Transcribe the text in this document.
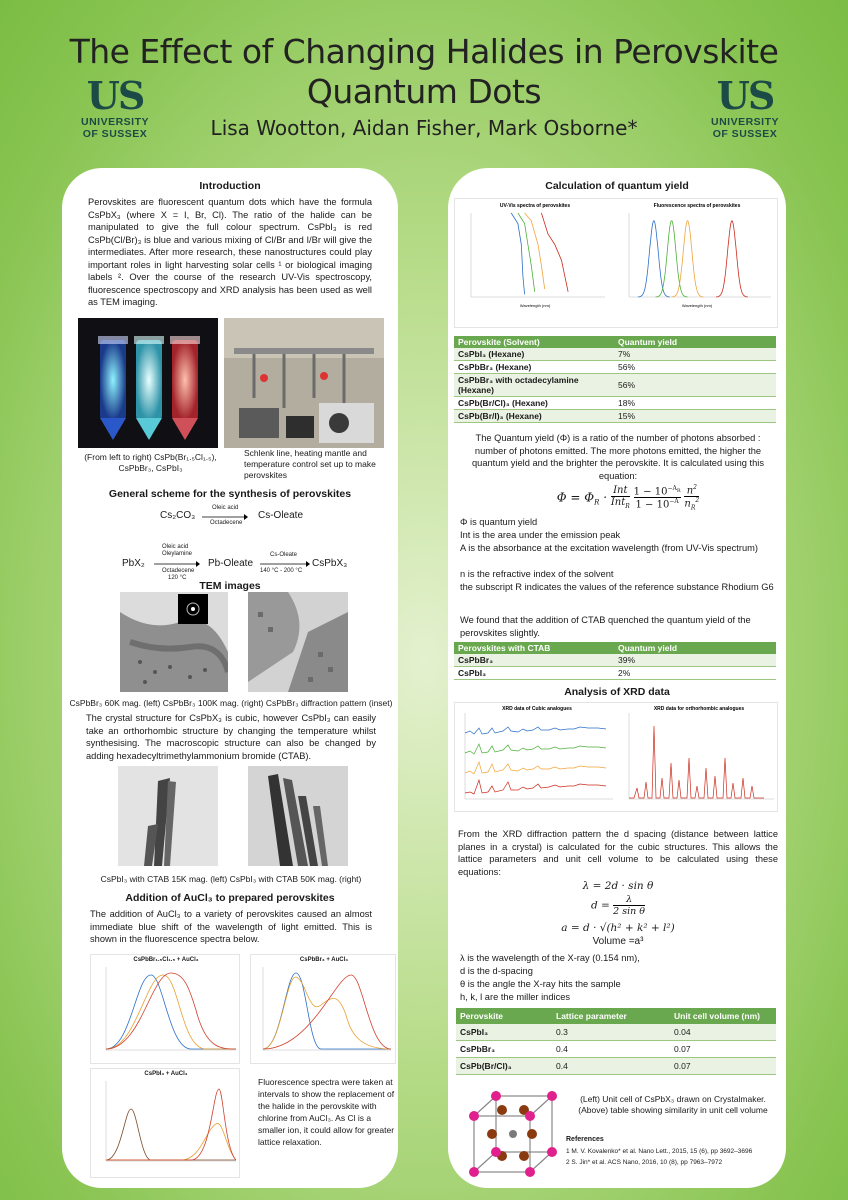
The Effect of Changing Halides in Perovskite Quantum Dots
Lisa Wootton, Aidan Fisher, Mark Osborne*
US
UNIVERSITY
OF SUSSEX
US
UNIVERSITY
OF SUSSEX
Introduction
Perovskites are fluorescent quantum dots which have the formula CsPbX₃ (where X = I, Br, Cl). The ratio of the halide can be manipulated to give the full colour spectrum. CsPbI₃ is red CsPb(Cl/Br)₃ is blue and various mixing of Cl/Br and I/Br will give the intermediates. After more research, these nanostructures could play important roles in light harvesting solar cells ¹ or biological imaging labels ². Over the course of the research UV-Vis spectroscopy, fluorescence spectroscopy and XRD analysis has been used as well as TEM imaging.
(From left to right) CsPb(Br₁.₅Cl₁.₅), CsPbBr₃, CsPbI₃
Schlenk line, heating mantle and temperature control set up to make perovskites
General scheme for the synthesis of perovskites
Cs₂CO₃
Oleic acid
Octadecene
Cs-Oleate
PbX₂
Oleic acid
Oleylamine
Octadecene
120 °C
Pb-Oleate
Cs-Oleate
140 °C - 200 °C
CsPbX₃
TEM images
CsPbBr₃ 60K mag. (left) CsPbBr₃ 100K mag. (right) CsPbBr₃ diffraction pattern (inset)
The crystal structure for CsPbX₃ is cubic, however CsPbI₃ can easily take an orthorhombic structure by changing the temperature whilst synthesising. The macroscopic structure can also be changed by adding hexadecyltrimethylammonium bromide (CTAB).
CsPbI₃ with CTAB 15K mag. (left) CsPbI₃ with CTAB 50K mag. (right)
Addition of AuCl₃ to prepared perovskites
The addition of AuCl₃ to a variety of perovskites caused an almost immediate blue shift of the wavelength of light emitted. This is shown in the fluorescence spectra below.
CsPbBr₁.₅Cl₁.₅ + AuCl₃	CsPbBr₃ + AuCl₃
CsPbI₃ + AuCl₃
Fluorescence spectra were taken at intervals to show the replacement of the halide in the perovskite with chlorine from AuCl₃. As Cl is a smaller ion, it could allow for greater lattice relaxation.
Calculation of quantum yield
UV-Vis spectra of perovskites
Wavelength (nm)
Fluorescence spectra of perovskites
Wavelength (nm)
Perovskite (Solvent)	Quantum yield
CsPbI₃ (Hexane)	7%
CsPbBr₃ (Hexane)	56%
CsPbBr₃ with octadecylamine (Hexane)	56%
CsPb(Br/Cl)₃ (Hexane)	18%
CsPb(Br/I)₃ (Hexane)	15%
The Quantum yield (Φ) is a ratio of the number of photons absorbed : number of photons emitted. The more photons emitted, the higher the quantum yield and the brighter the perovskite. It is calculated using this equation:
$\Phi = \Phi_R$ · Int
Int$_R$
$\frac{1 - 10^{-A_R}}{1 - 10^{-A}}$
$\frac{n^2}{n_R^2}$
Φ is quantum yield
Int is the area under the emission peak
A is the absorbance at the excitation wavelength (from UV-Vis spectrum)
n is the refractive index of the solvent
the subscript R indicates the values of the reference substance Rhodium G6
We found that the addition of CTAB quenched the quantum yield of the perovskites slightly.
Perovskites with CTAB	Quantum yield
CsPbBr₃	39%
CsPbI₃	2%
Analysis of XRD data
XRD data of Cubic analogues	XRD data for orthorhombic analogues
From the XRD diffraction pattern the d spacing (distance between lattice planes in a crystal) is calculated for the cubic structures. This allows the lattice parameters and unit cell volume to be calculated using these equations:
λ = 2d · sin θ
$d = \frac{\lambda}{\text{2 sin θ}}$
a = d · √(h² + k² + l²)
Volume =a³
λ is the wavelength of the X-ray (0.154 nm),
d is the d-spacing
θ is the angle the X-ray hits the sample
h, k, l are the miller indices
Perovskite	Lattice parameter	Unit cell volume (nm)
CsPbI₃	0.3	0.04
CsPbBr₃	0.4	0.07
CsPb(Br/Cl)₃	0.4	0.07
(Left) Unit cell of CsPbX₃ drawn on Crystalmaker. (Above) table showing similarity in unit cell volume
References
1 M. V. Kovalenko* et al. Nano Lett., 2015, 15 (6), pp 3692–3696
2 S. Jin* et al. ACS Nano, 2016, 10 (8), pp 7963–7972
